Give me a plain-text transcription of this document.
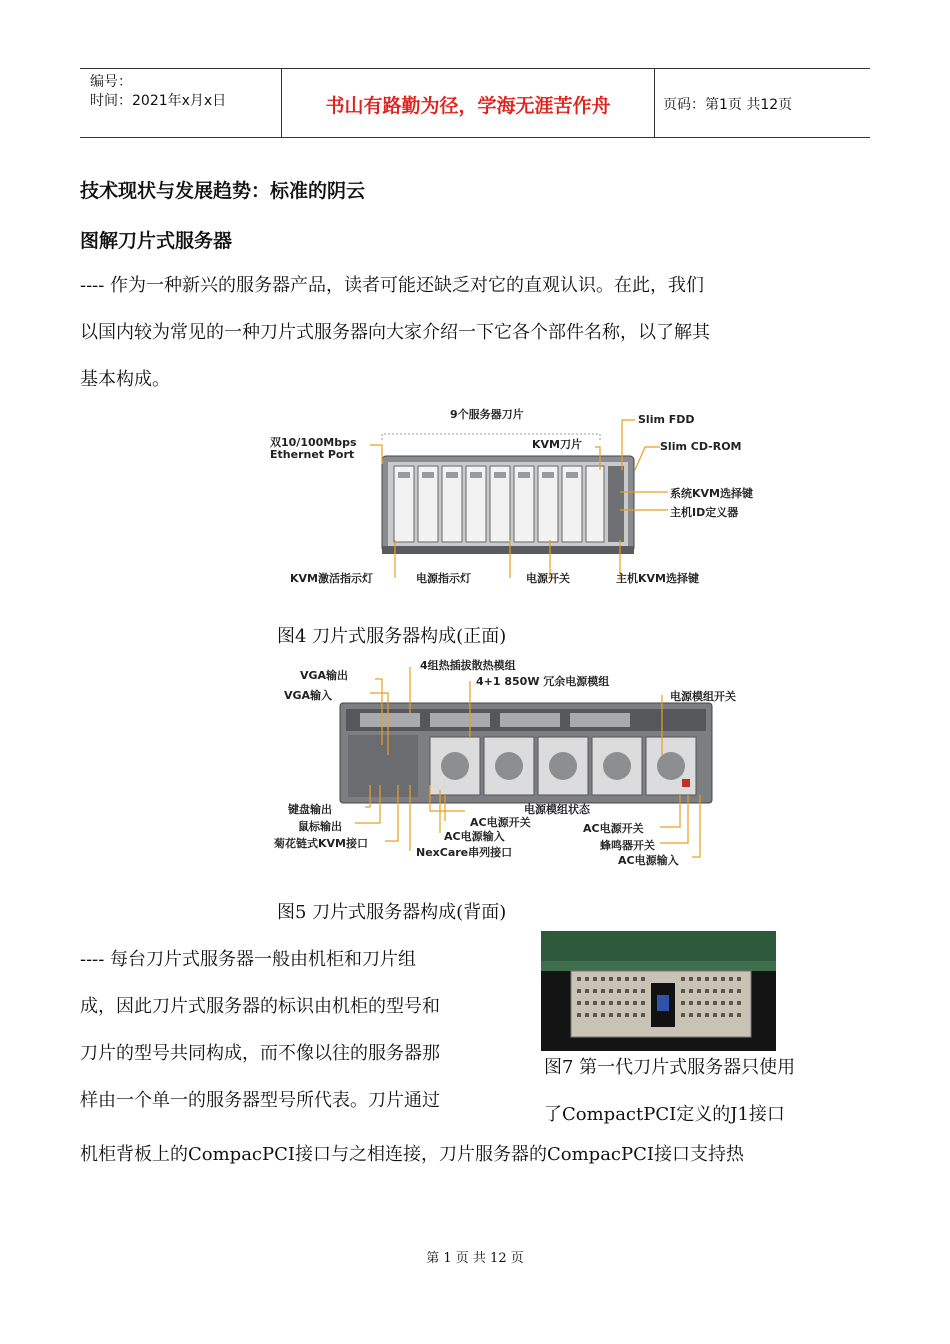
编号：
时间：2021年x月x日	书山有路勤为径，学海无涯苦作舟	页码：第1页 共12页
技术现状与发展趋势：标准的阴云
图解刀片式服务器
---- 作为一种新兴的服务器产品，读者可能还缺乏对它的直观认识。在此，我们
以国内较为常见的一种刀片式服务器向大家介绍一下它各个部件名称，以了解其
基本构成。
9个服务器刀片
双10/100Mbps
Ethernet Port
KVM刀片
Slim FDD
Slim CD-ROM
系统KVM选择键
主机ID定义器
KVM激活指示灯	电源指示灯	电源开关	主机KVM选择键
图4 刀片式服务器构成(正面)
VGA输出
VGA输入
4组热插拔散热模组
4+1 850W 冗余电源模组
电源模组开关
键盘输出
鼠标输出
菊花链式KVM接口
电源模组状态
AC电源开关
AC电源输入
NexCare串列接口
AC电源开关
蜂鸣器开关
AC电源输入
图5 刀片式服务器构成(背面)
---- 每台刀片式服务器一般由机柜和刀片组
成，因此刀片式服务器的标识由机柜的型号和
刀片的型号共同构成，而不像以往的服务器那
样由一个单一的服务器型号所代表。刀片通过
图7 第一代刀片式服务器只使用
了CompactPCI定义的J1接口
机柜背板上的CompacPCI接口与之相连接，刀片服务器的CompacPCI接口支持热
第 1 页 共 12 页
